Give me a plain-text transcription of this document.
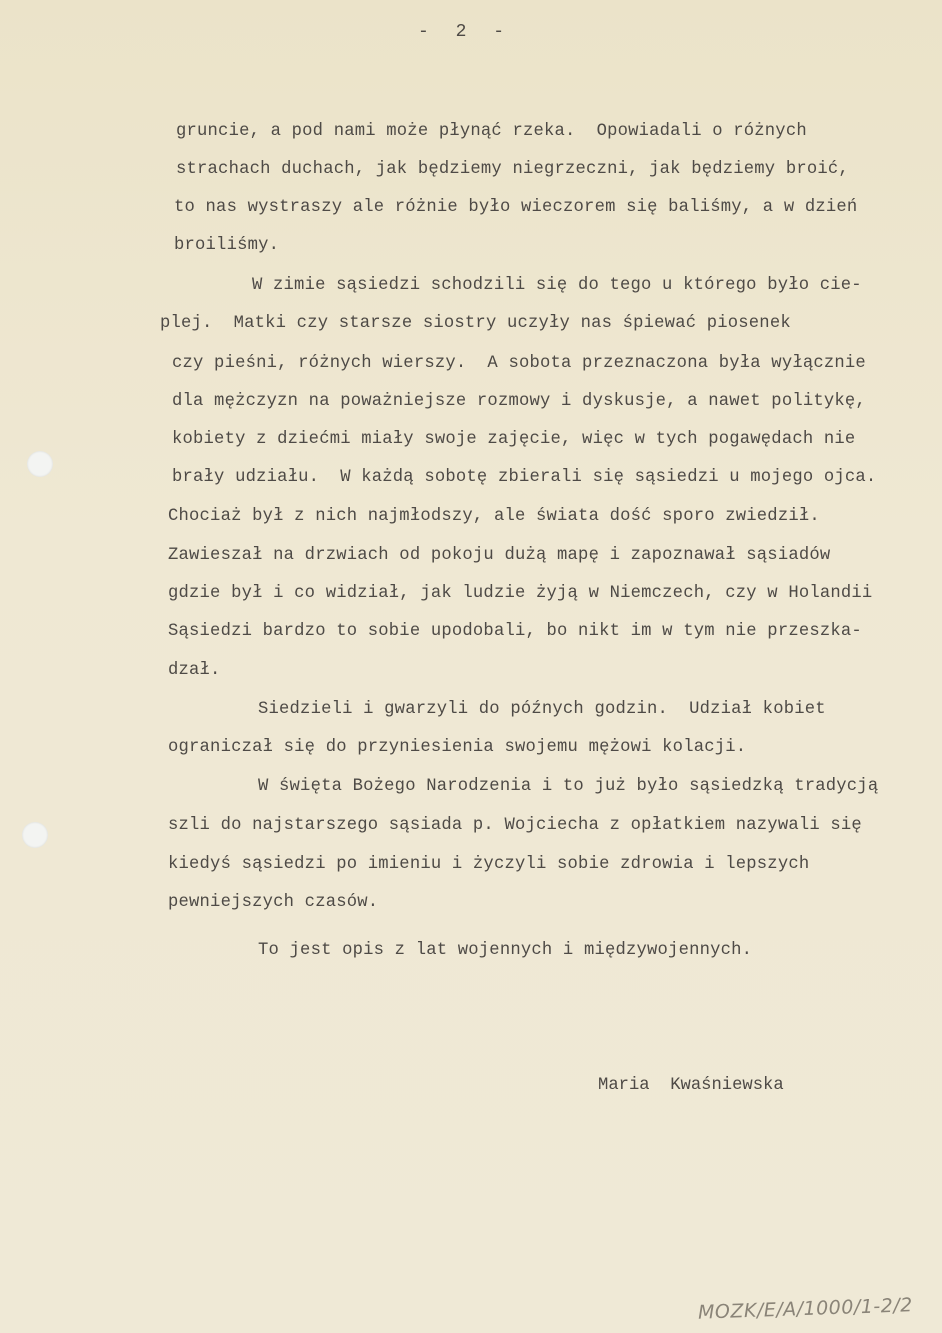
- 2 -
gruncie, a pod nami może płynąć rzeka.  Opowiadali o różnych
strachach duchach, jak będziemy niegrzeczni, jak będziemy broić,
to nas wystraszy ale różnie było wieczorem się baliśmy, a w dzień
broiliśmy.
W zimie sąsiedzi schodzili się do tego u którego było cie-
plej.  Matki czy starsze siostry uczyły nas śpiewać piosenek
czy pieśni, różnych wierszy.  A sobota przeznaczona była wyłącznie
dla mężczyzn na poważniejsze rozmowy i dyskusje, a nawet politykę,
kobiety z dziećmi miały swoje zajęcie, więc w tych pogawędach nie
brały udziału.  W każdą sobotę zbierali się sąsiedzi u mojego ojca.
Chociaż był z nich najmłodszy, ale świata dość sporo zwiedził.
Zawieszał na drzwiach od pokoju dużą mapę i zapoznawał sąsiadów
gdzie był i co widział, jak ludzie żyją w Niemczech, czy w Holandii
Sąsiedzi bardzo to sobie upodobali, bo nikt im w tym nie przeszka-
dzał.
Siedzieli i gwarzyli do późnych godzin.  Udział kobiet
ograniczał się do przyniesienia swojemu mężowi kolacji.
W święta Bożego Narodzenia i to już było sąsiedzką tradycją
szli do najstarszego sąsiada p. Wojciecha z opłatkiem nazywali się
kiedyś sąsiedzi po imieniu i życzyli sobie zdrowia i lepszych
pewniejszych czasów.
To jest opis z lat wojennych i międzywojennych.
Maria  Kwaśniewska
MOZK/E/A/1000/1-2/2
